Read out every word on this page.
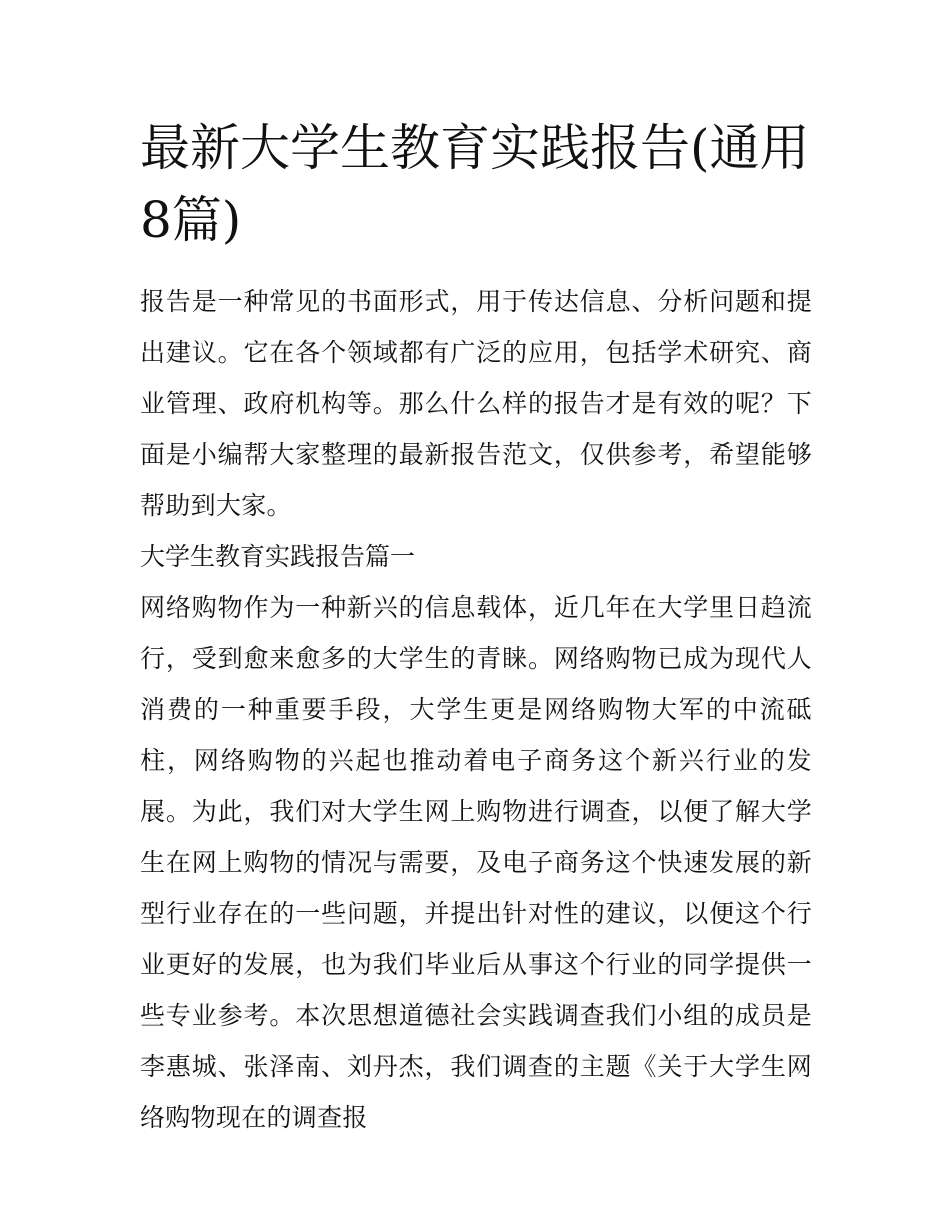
最新大学生教育实践报告(通用8篇)

报告是一种常见的书面形式，用于传达信息、分析问题和提出建议。它在各个领域都有广泛的应用，包括学术研究、商业管理、政府机构等。那么什么样的报告才是有效的呢？下面是小编帮大家整理的最新报告范文，仅供参考，希望能够帮助到大家。

大学生教育实践报告篇一

网络购物作为一种新兴的信息载体，近几年在大学里日趋流行，受到愈来愈多的大学生的青睐。网络购物已成为现代人消费的一种重要手段，大学生更是网络购物大军的中流砥柱，网络购物的兴起也推动着电子商务这个新兴行业的发展。为此，我们对大学生网上购物进行调查，以便了解大学生在网上购物的情况与需要，及电子商务这个快速发展的新型行业存在的一些问题，并提出针对性的建议，以便这个行业更好的发展，也为我们毕业后从事这个行业的同学提供一些专业参考。本次思想道德社会实践调查我们小组的成员是李惠城、张泽南、刘丹杰，我们调查的主题《关于大学生网络购物现在的调查报
